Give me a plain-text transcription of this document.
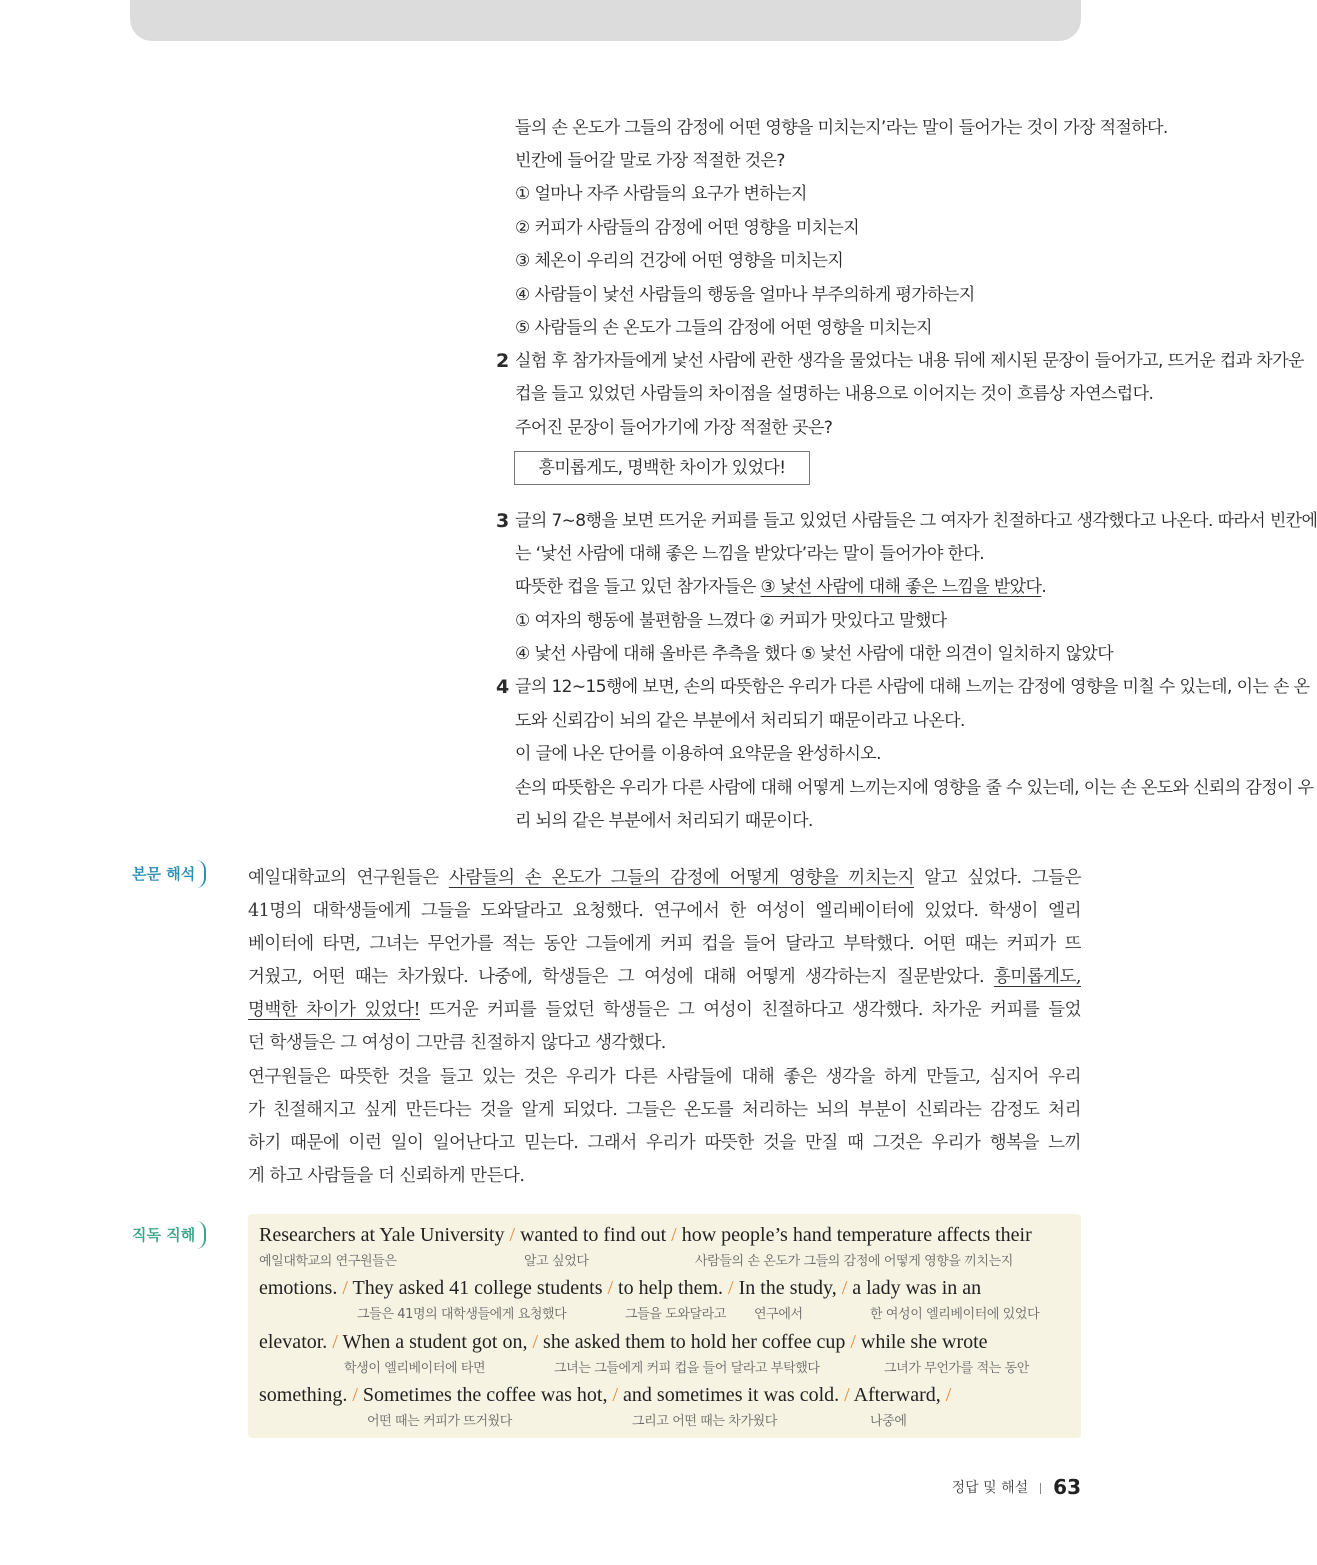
들의 손 온도가 그들의 감정에 어떤 영향을 미치는지’라는 말이 들어가는 것이 가장 적절하다.
빈칸에 들어갈 말로 가장 적절한 것은?
① 얼마나 자주 사람들의 요구가 변하는지
② 커피가 사람들의 감정에 어떤 영향을 미치는지
③ 체온이 우리의 건강에 어떤 영향을 미치는지
④ 사람들이 낯선 사람들의 행동을 얼마나 부주의하게 평가하는지
⑤ 사람들의 손 온도가 그들의 감정에 어떤 영향을 미치는지
2 실험 후 참가자들에게 낯선 사람에 관한 생각을 물었다는 내용 뒤에 제시된 문장이 들어가고, 뜨거운 컵과 차가운
컵을 들고 있었던 사람들의 차이점을 설명하는 내용으로 이어지는 것이 흐름상 자연스럽다.
주어진 문장이 들어가기에 가장 적절한 곳은?
흥미롭게도, 명백한 차이가 있었다!
3 글의 7∼8행을 보면 뜨거운 커피를 들고 있었던 사람들은 그 여자가 친절하다고 생각했다고 나온다. 따라서 빈칸에
는 ‘낯선 사람에 대해 좋은 느낌을 받았다’라는 말이 들어가야 한다.
따뜻한 컵을 들고 있던 참가자들은 ③ 낯선 사람에 대해 좋은 느낌을 받았다.
① 여자의 행동에 불편함을 느꼈다 ② 커피가 맛있다고 말했다
④ 낯선 사람에 대해 올바른 추측을 했다 ⑤ 낯선 사람에 대한 의견이 일치하지 않았다
4 글의 12∼15행에 보면, 손의 따뜻함은 우리가 다른 사람에 대해 느끼는 감정에 영향을 미칠 수 있는데, 이는 손 온
도와 신뢰감이 뇌의 같은 부분에서 처리되기 때문이라고 나온다.
이 글에 나온 단어를 이용하여 요약문을 완성하시오.
손의 따뜻함은 우리가 다른 사람에 대해 어떻게 느끼는지에 영향을 줄 수 있는데, 이는 손 온도와 신뢰의 감정이 우
리 뇌의 같은 부분에서 처리되기 때문이다.
본문 해석	예일대학교의 연구원들은 사람들의 손 온도가 그들의 감정에 어떻게 영향을 끼치는지 알고 싶었다. 그들은
41명의 대학생들에게 그들을 도와달라고 요청했다. 연구에서 한 여성이 엘리베이터에 있었다. 학생이 엘리
베이터에 타면, 그녀는 무언가를 적는 동안 그들에게 커피 컵을 들어 달라고 부탁했다. 어떤 때는 커피가 뜨
거웠고, 어떤 때는 차가웠다. 나중에, 학생들은 그 여성에 대해 어떻게 생각하는지 질문받았다. 흥미롭게도,
명백한 차이가 있었다! 뜨거운 커피를 들었던 학생들은 그 여성이 친절하다고 생각했다. 차가운 커피를 들었
던 학생들은 그 여성이 그만큼 친절하지 않다고 생각했다.
연구원들은 따뜻한 것을 들고 있는 것은 우리가 다른 사람들에 대해 좋은 생각을 하게 만들고, 심지어 우리
가 친절해지고 싶게 만든다는 것을 알게 되었다. 그들은 온도를 처리하는 뇌의 부분이 신뢰라는 감정도 처리
하기 때문에 이런 일이 일어난다고 믿는다. 그래서 우리가 따뜻한 것을 만질 때 그것은 우리가 행복을 느끼
게 하고 사람들을 더 신뢰하게 만든다.
직독 직해	Researchers at Yale University / wanted to find out / how people’s hand temperature affects their
예일대학교의 연구원들은	알고 싶었다	사람들의 손 온도가 그들의 감정에 어떻게 영향을 끼치는지
emotions. / They asked 41 college students / to help them. / In the study, / a lady was in an
그들은 41명의 대학생들에게 요청했다	그들을 도와달라고 연구에서	한 여성이 엘리베이터에 있었다
elevator. / When a student got on, / she asked them to hold her coffee cup / while she wrote
학생이 엘리베이터에 타면	그녀는 그들에게 커피 컵을 들어 달라고 부탁했다	그녀가 무언가를 적는 동안
something. / Sometimes the coffee was hot, / and sometimes it was cold. / Afterward, /
어떤 때는 커피가 뜨거웠다	그리고 어떤 때는 차가웠다	나중에
정답 및 해설 63
